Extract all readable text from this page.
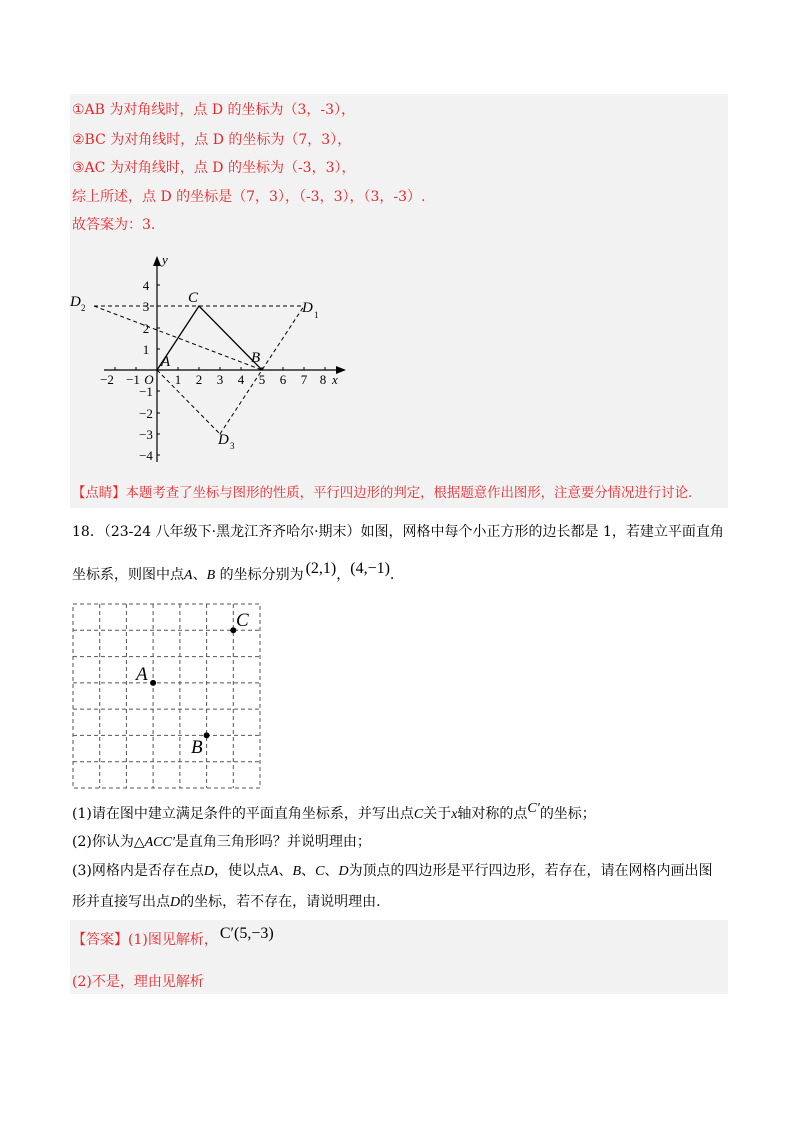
①AB 为对角线时，点 D 的坐标为（3，-3），
②BC 为对角线时，点 D 的坐标为（7，3），
③AC 为对角线时，点 D 的坐标为（-3，3），
综上所述，点 D 的坐标是（7，3），（-3，3），（3，-3）.
故答案为：3.
−2 −1 O 1 2 3 4 5 6 7 8 x
y
4
3
2
1
−1
−2
−3
−4
A
C
B
D
D
D
1
2
3
【点睛】本题考查了坐标与图形的性质，平行四边形的判定，根据题意作出图形，注意要分情况进行讨论.
18．（23-24 八年级下·黑龙江齐齐哈尔·期末）如图，网格中每个小正方形的边长都是 1，若建立平面直角
坐标系，则图中点A、B 的坐标分别为 (2,1)，(4,−1).
C
A
B
(1)请在图中建立满足条件的平面直角坐标系，并写出点C关于x轴对称的点C′的坐标；
(2)你认为△ACC′是直角三角形吗？并说明理由；
(3)网格内是否存在点D，使以点A、B、C、D为顶点的四边形是平行四边形，若存在，请在网格内画出图
形并直接写出点D的坐标，若不存在，请说明理由.
【答案】(1)图见解析， C′(5,−3)
(2)不是，理由见解析
